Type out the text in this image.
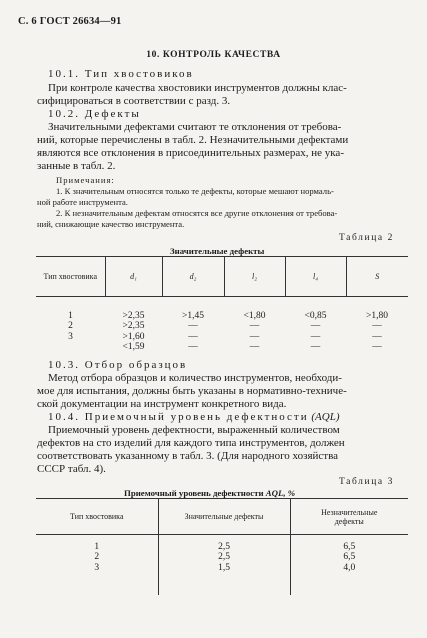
С. 6 ГОСТ 26634—91
10. КОНТРОЛЬ КАЧЕСТВА
10.1. Тип хвостовиков
При контроле качества хвостовики инструментов должны клас-
сифицироваться в соответствии с разд. 3.
10.2. Дефекты
Значительными дефектами считают те отклонения от требова-
ний, которые перечислены в табл. 2. Незначительными дефектами
являются все отклонения в присоединительных размерах, не ука-
занные в табл. 2.
Примечания:
1. К значительным относятся только те дефекты, которые мешают нормаль-
ной работе инструмента.
2. К незначительным дефектам относятся все другие отклонения от требова-
ний, снижающие качество инструмента.
Таблица 2
Значительные дефекты
Тип хвостовика	d₁	d₂	l₂	l₄	S

1	>2,35	>1,45	<1,80	<0,85	>1,80
2	>2,35	—	—	—	—
3	>1,60	—	—	—	—
	<1,59	—	—	—	—
10.3. Отбор образцов
Метод отбора образцов и количество инструментов, необходи-
мое для испытания, должны быть указаны в нормативно-техниче-
ской документации на инструмент конкретного вида.
10.4. Приемочный уровень дефектности (AQL)
Приемочный уровень дефектности, выраженный количеством
дефектов на сто изделий для каждого типа инструментов, должен
соответствовать указанному в табл. 3. (Для народного хозяйства
СССР табл. 4).
Таблица 3
Приемочный уровень дефектности AQL, %
Тип хвостовика	Значительные дефекты	Незначительные дефекты

1	2,5	6,5
2	2,5	6,5
3	1,5	4,0
